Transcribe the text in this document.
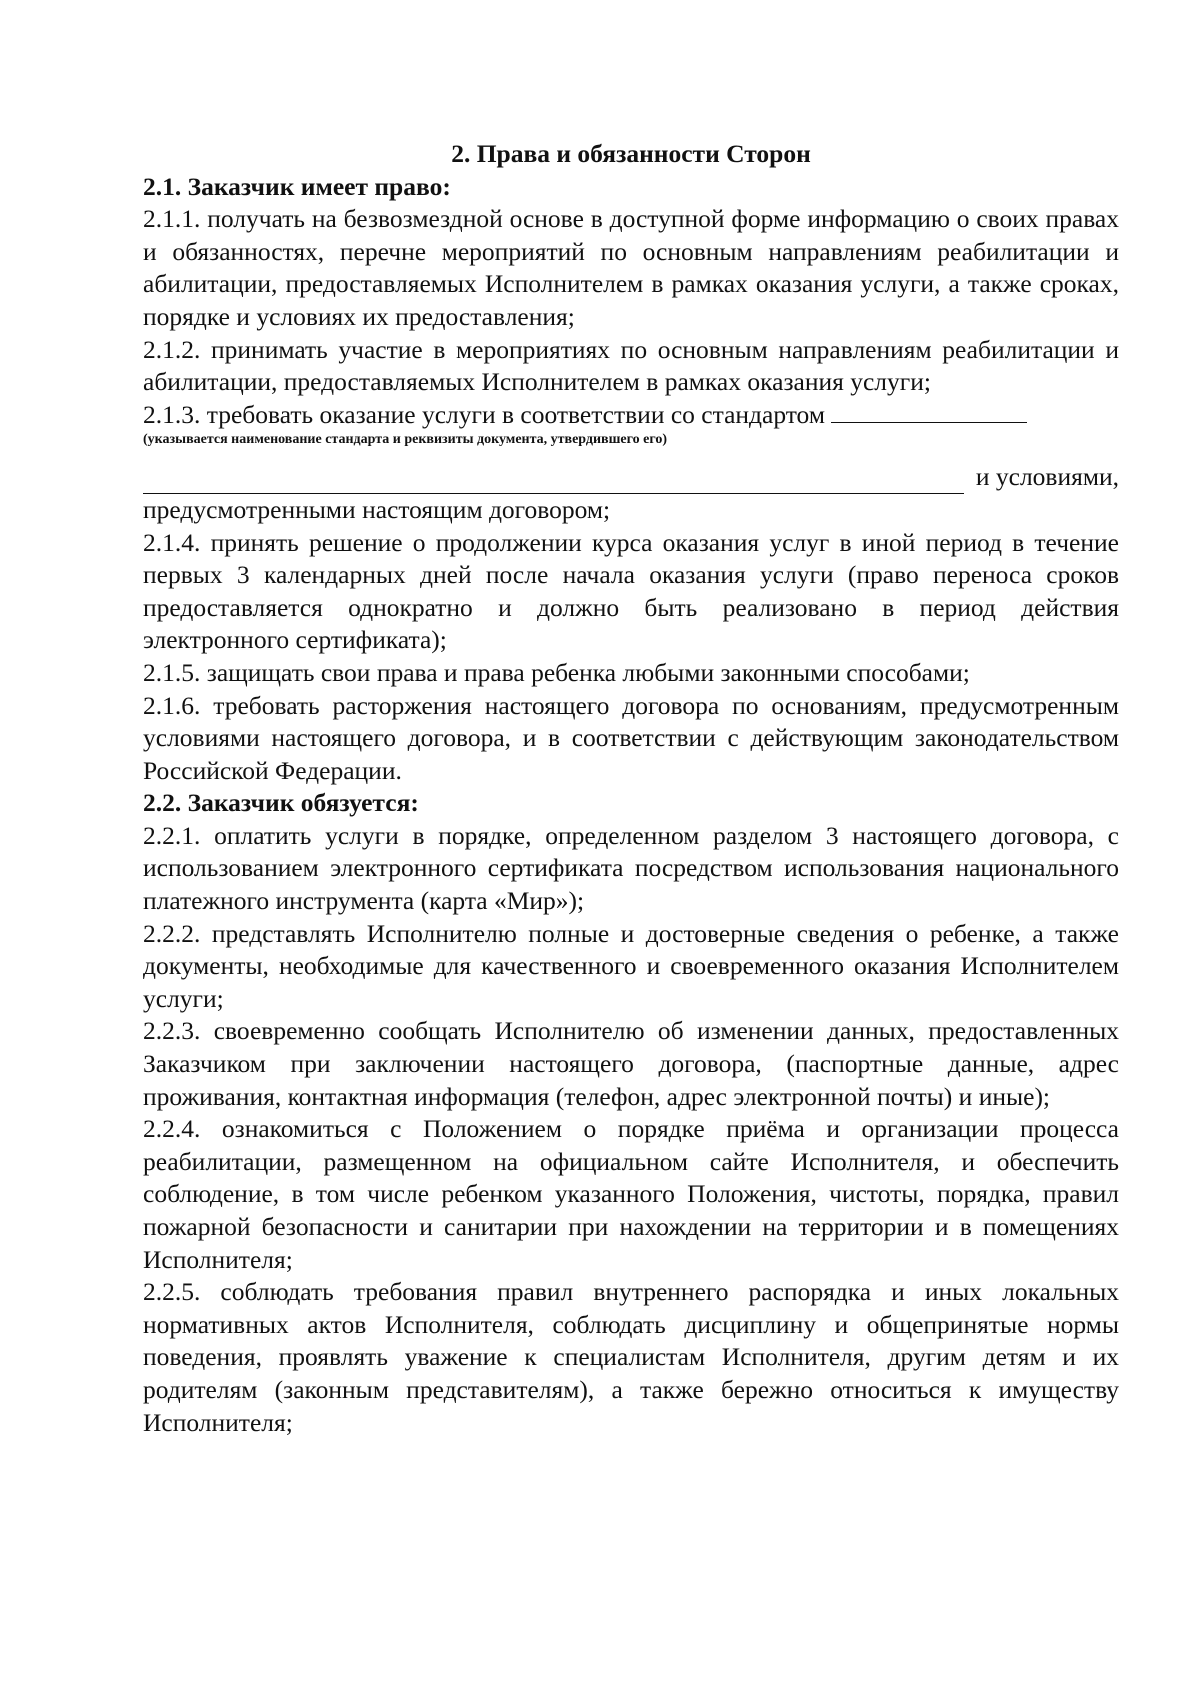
2. Права и обязанности Сторон

2.1. Заказчик имеет право:

2.1.1. получать на безвозмездной основе в доступной форме информацию о своих правах и обязанностях, перечне мероприятий по основным направлениям реабилитации и абилитации, предоставляемых Исполнителем в рамках оказания услуги, а также сроках, порядке и условиях их предоставления;

2.1.2. принимать участие в мероприятиях по основным направлениям реабилитации и абилитации, предоставляемых Исполнителем в рамках оказания услуги;

2.1.3. требовать оказание услуги в соответствии со стандартом

(указывается наименование стандарта и реквизиты документа, утвердившего его)

и условиями,

предусмотренными настоящим договором;

2.1.4. принять решение о продолжении курса оказания услуг в иной период в течение первых 3 календарных дней после начала оказания услуги (право переноса сроков предоставляется однократно и должно быть реализовано в период действия электронного сертификата);

2.1.5. защищать свои права и права ребенка любыми законными способами;

2.1.6. требовать расторжения настоящего договора по основаниям, предусмотренным условиями настоящего договора, и в соответствии с действующим законодательством Российской Федерации.

2.2. Заказчик обязуется:

2.2.1. оплатить услуги в порядке, определенном разделом 3 настоящего договора, с использованием электронного сертификата посредством использования национального платежного инструмента (карта «Мир»);

2.2.2. представлять Исполнителю полные и достоверные сведения о ребенке, а также документы, необходимые для качественного и своевременного оказания Исполнителем услуги;

2.2.3. своевременно сообщать Исполнителю об изменении данных, предоставленных Заказчиком при заключении настоящего договора, (паспортные данные, адрес проживания, контактная информация (телефон, адрес электронной почты) и иные);

2.2.4. ознакомиться с Положением о порядке приёма и организации процесса реабилитации, размещенном на официальном сайте Исполнителя, и обеспечить соблюдение, в том числе ребенком указанного Положения, чистоты, порядка, правил пожарной безопасности и санитарии при нахождении на территории и в помещениях Исполнителя;

2.2.5. соблюдать требования правил внутреннего распорядка и иных локальных нормативных актов Исполнителя, соблюдать дисциплину и общепринятые нормы поведения, проявлять уважение к специалистам Исполнителя, другим детям и их родителям (законным представителям), а также бережно относиться к имуществу Исполнителя;
